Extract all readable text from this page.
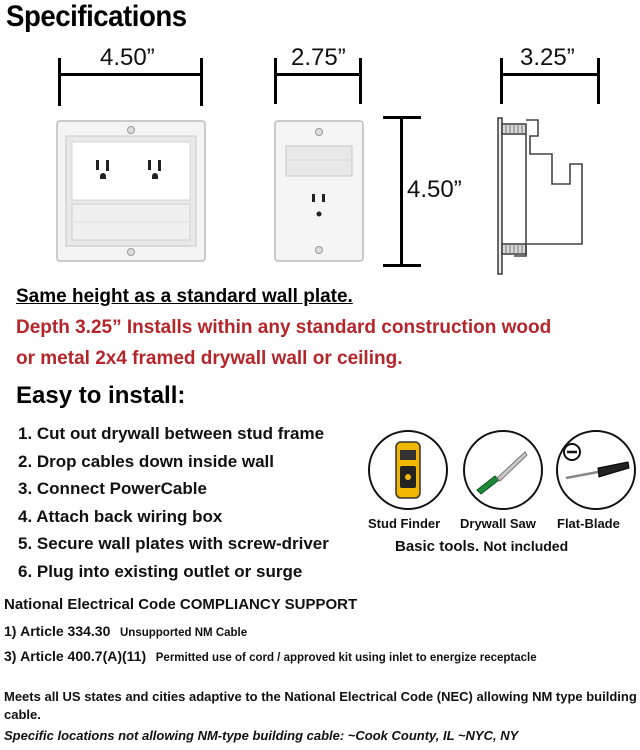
Specifications
4.50”	2.75”	3.25”
4.50”
Same height as a standard wall plate.
Depth 3.25” Installs within any standard construction wood
or metal 2x4 framed drywall wall or ceiling.
Easy to install:
1. Cut out drywall between stud frame
2. Drop cables down inside wall
3. Connect PowerCable
4. Attach back wiring box
5. Secure wall plates with screw-driver
6. Plug into existing outlet or surge
Stud Finder Drywall Saw Flat-Blade
Basic tools. Not included
National Electrical Code COMPLIANCY SUPPORT
1) Article 334.30 Unsupported NM Cable
3) Article 400.7(A)(11) Permitted use of cord / approved kit using inlet to energize receptacle
Meets all US states and cities adaptive to the National Electrical Code (NEC) allowing NM type building cable.
Specific locations not allowing NM-type building cable: ~Cook County, IL ~NYC, NY
